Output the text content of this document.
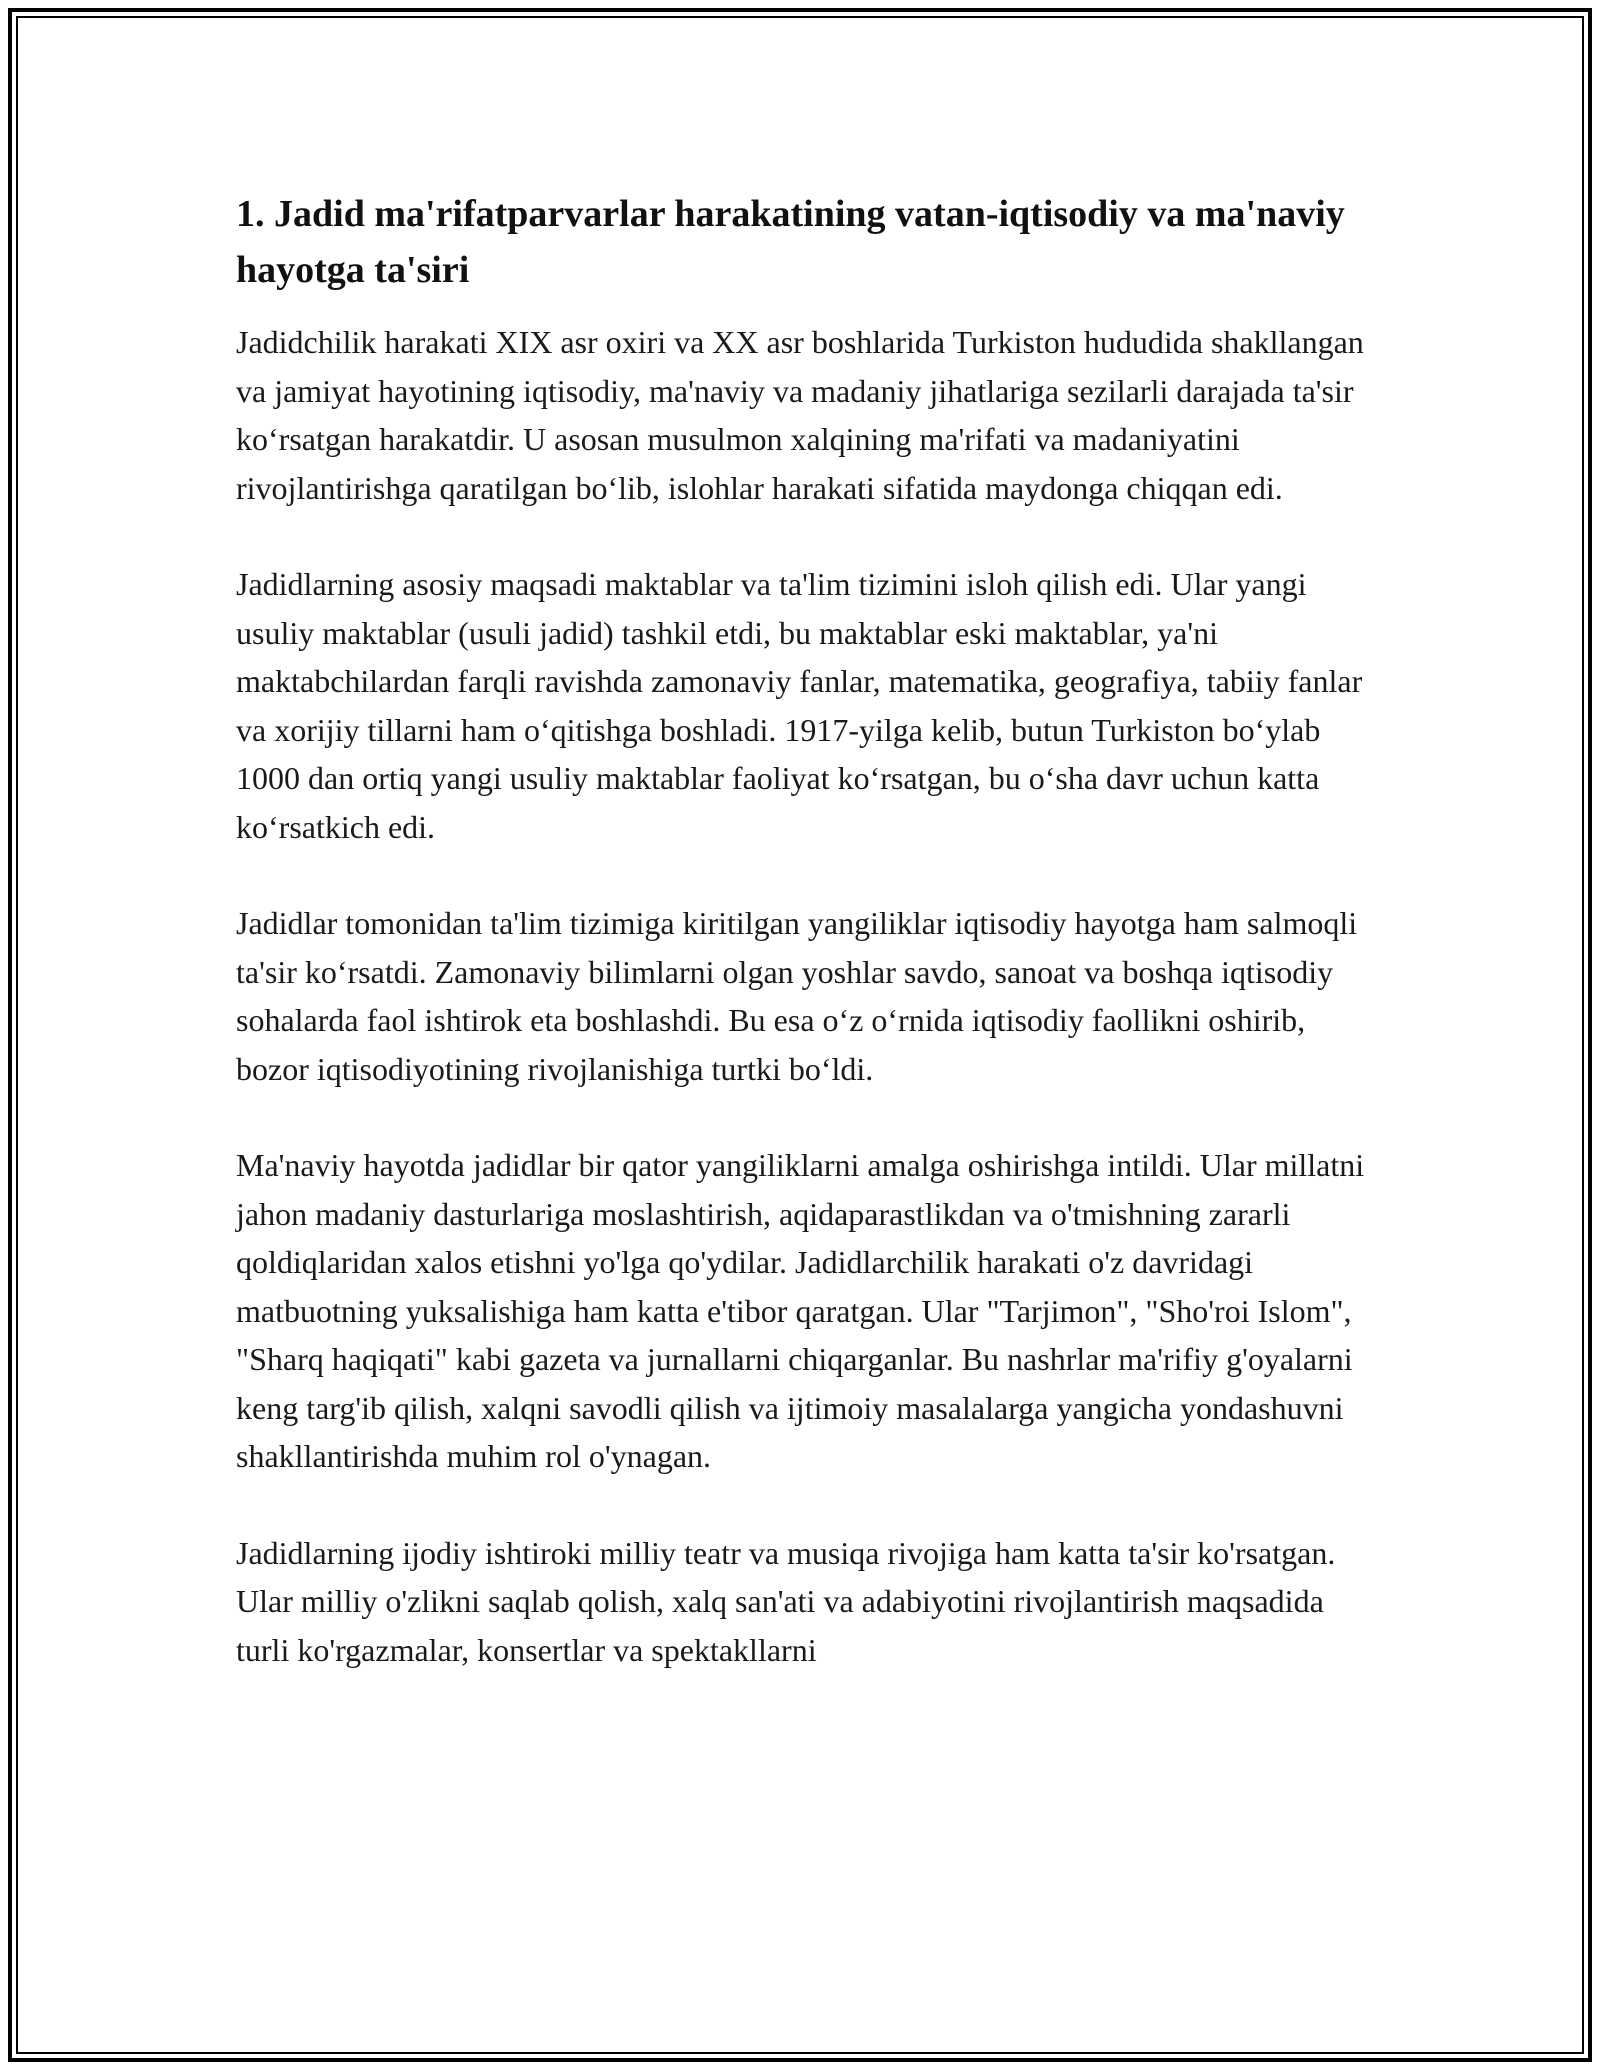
1. Jadid ma'rifatparvarlar harakatining vatan-iqtisodiy va ma'naviy hayotga ta'siri

Jadidchilik harakati XIX asr oxiri va XX asr boshlarida Turkiston hududida shakllangan va jamiyat hayotining iqtisodiy, ma'naviy va madaniy jihatlariga sezilarli darajada ta'sir ko‘rsatgan harakatdir. U asosan musulmon xalqining ma'rifati va madaniyatini rivojlantirishga qaratilgan bo‘lib, islohlar harakati sifatida maydonga chiqqan edi.

Jadidlarning asosiy maqsadi maktablar va ta'lim tizimini isloh qilish edi. Ular yangi usuliy maktablar (usuli jadid) tashkil etdi, bu maktablar eski maktablar, ya'ni maktabchilardan farqli ravishda zamonaviy fanlar, matematika, geografiya, tabiiy fanlar va xorijiy tillarni ham o‘qitishga boshladi. 1917-yilga kelib, butun Turkiston bo‘ylab 1000 dan ortiq yangi usuliy maktablar faoliyat ko‘rsatgan, bu o‘sha davr uchun katta ko‘rsatkich edi.

Jadidlar tomonidan ta'lim tizimiga kiritilgan yangiliklar iqtisodiy hayotga ham salmoqli ta'sir ko‘rsatdi. Zamonaviy bilimlarni olgan yoshlar savdo, sanoat va boshqa iqtisodiy sohalarda faol ishtirok eta boshlashdi. Bu esa o‘z o‘rnida iqtisodiy faollikni oshirib, bozor iqtisodiyotining rivojlanishiga turtki bo‘ldi.

Ma'naviy hayotda jadidlar bir qator yangiliklarni amalga oshirishga intildi. Ular millatni jahon madaniy dasturlariga moslashtirish, aqidaparastlikdan va o'tmishning zararli qoldiqlaridan xalos etishni yo'lga qo'ydilar. Jadidlarchilik harakati o'z davridagi matbuotning yuksalishiga ham katta e'tibor qaratgan. Ular "Tarjimon", "Sho'roi Islom", "Sharq haqiqati" kabi gazeta va jurnallarni chiqarganlar. Bu nashrlar ma'rifiy g'oyalarni keng targ'ib qilish, xalqni savodli qilish va ijtimoiy masalalarga yangicha yondashuvni shakllantirishda muhim rol o'ynagan.

Jadidlarning ijodiy ishtiroki milliy teatr va musiqa rivojiga ham katta ta'sir ko'rsatgan. Ular milliy o'zlikni saqlab qolish, xalq san'ati va adabiyotini rivojlantirish maqsadida turli ko'rgazmalar, konsertlar va spektakllarni
